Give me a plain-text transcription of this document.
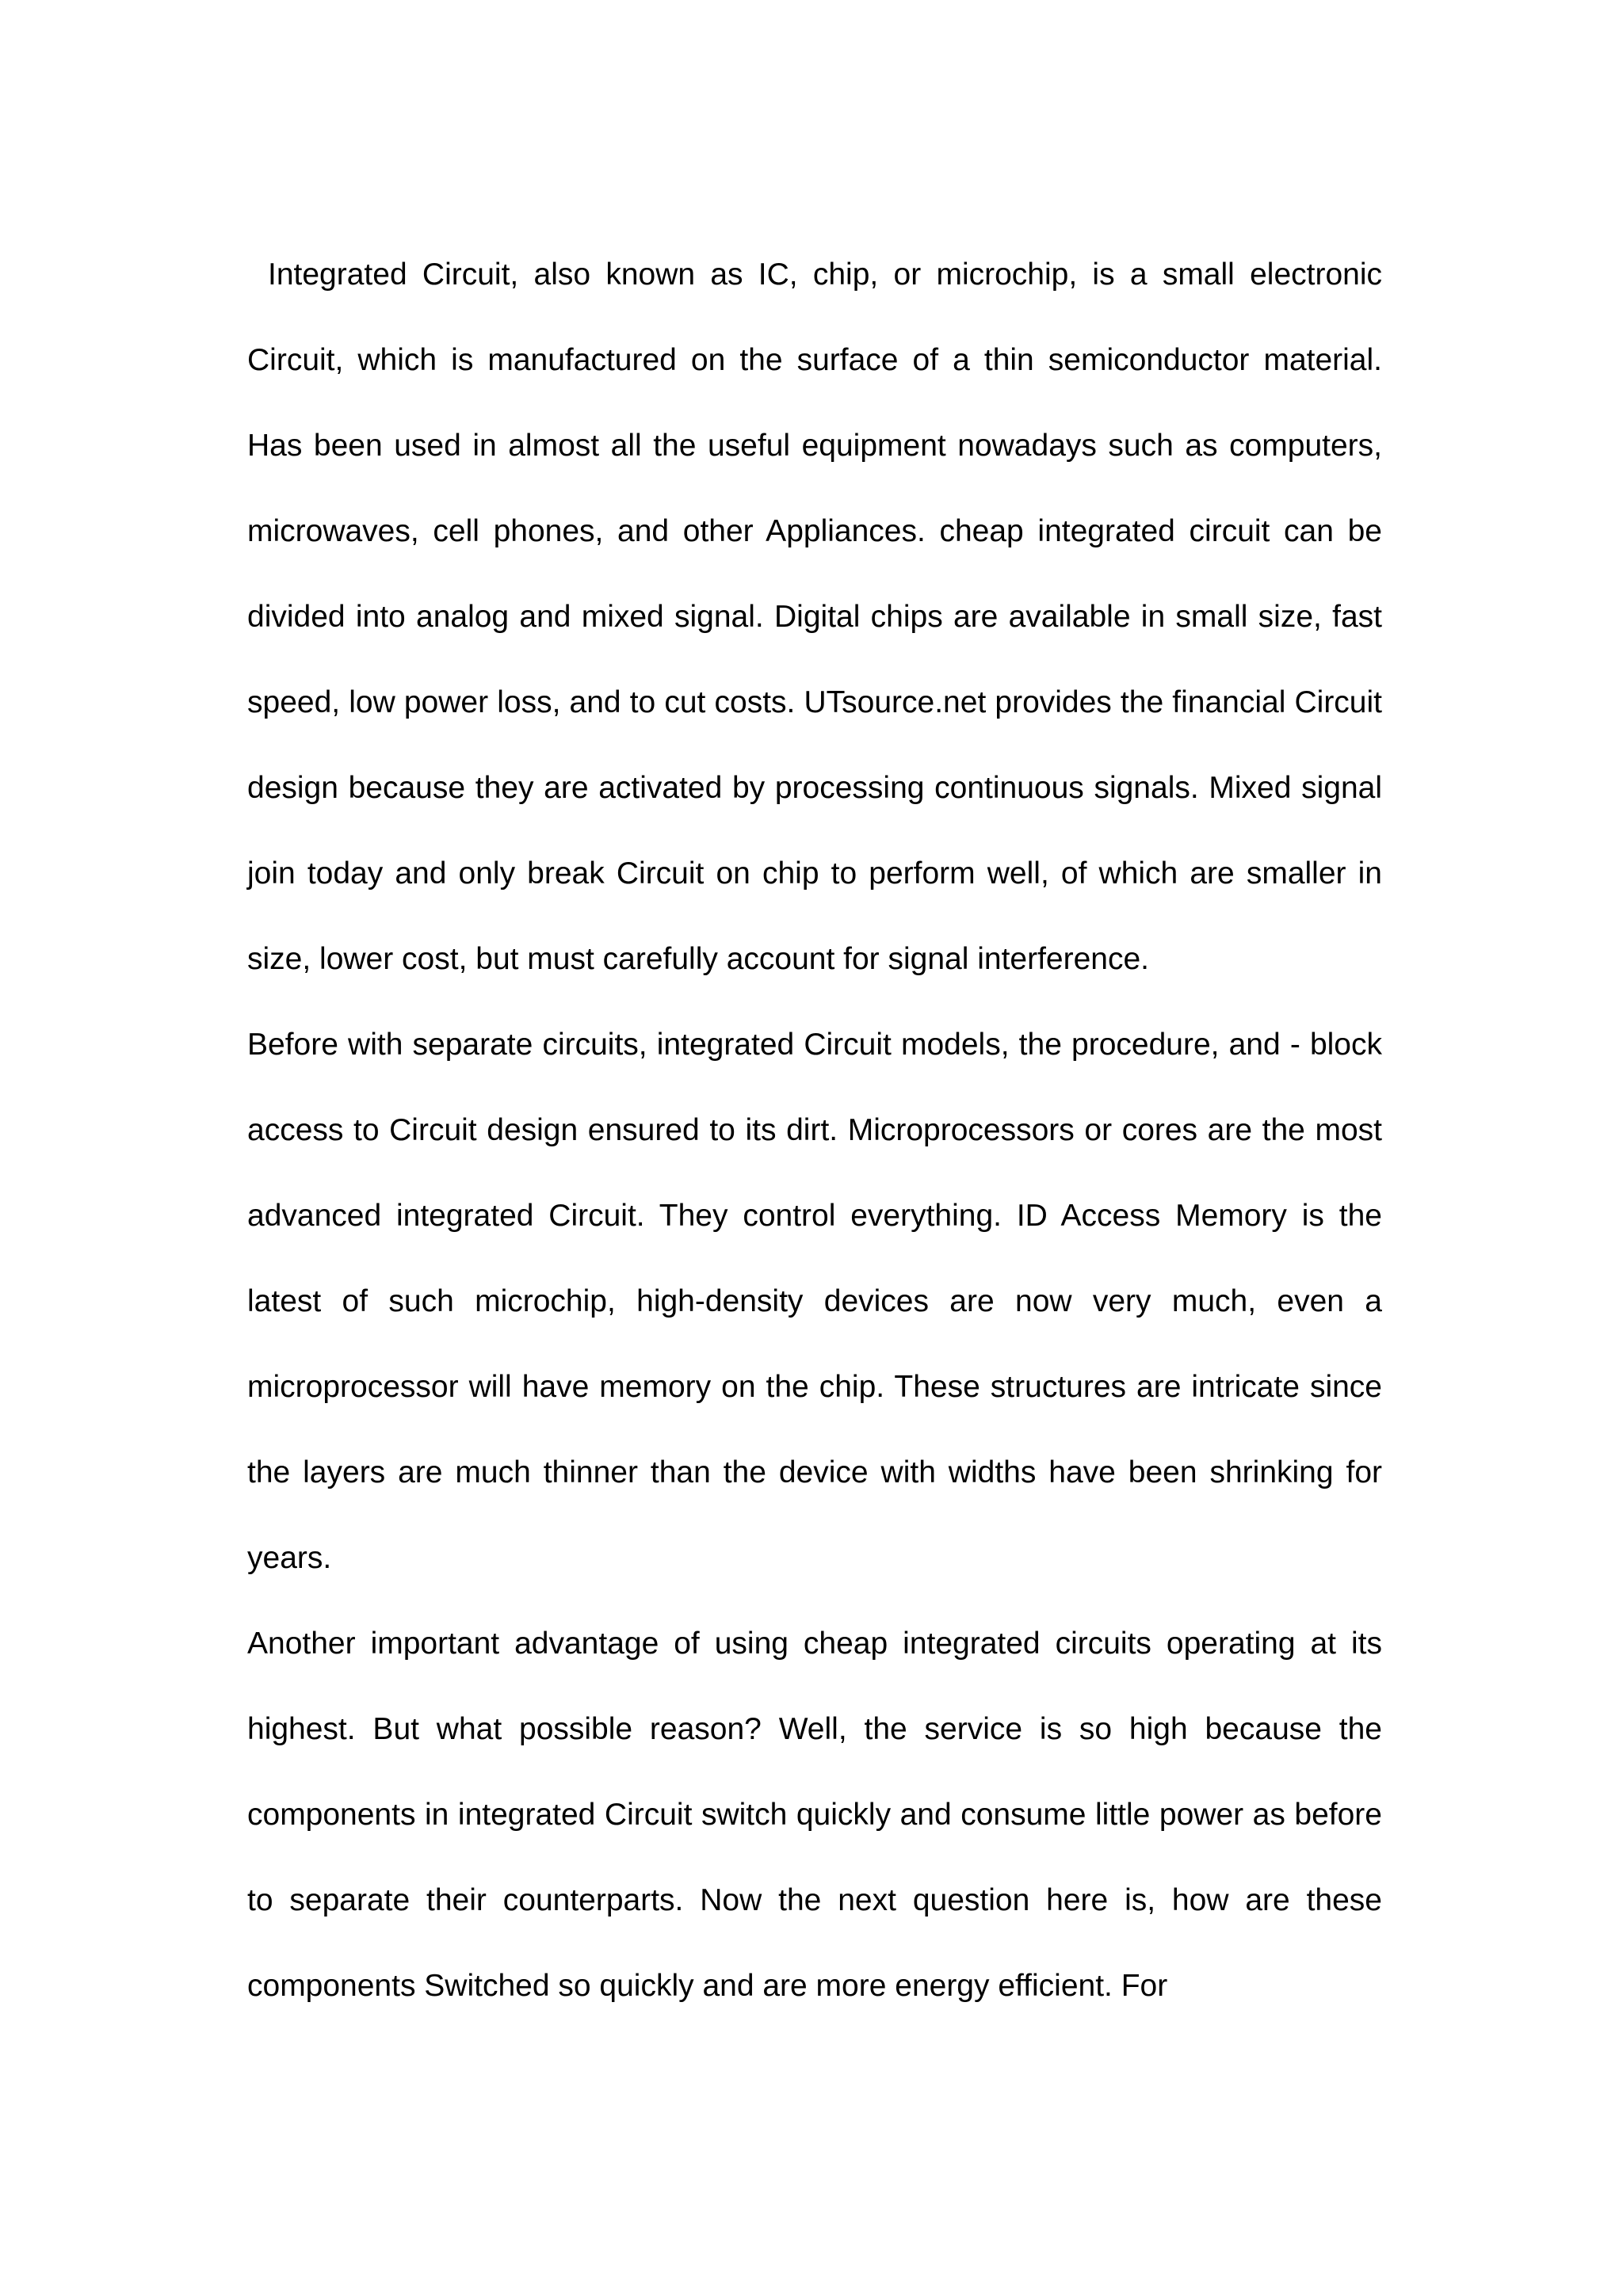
Integrated Circuit, also known as IC, chip, or microchip, is a small electronic Circuit, which is manufactured on the surface of a thin semiconductor material. Has been used in almost all the useful equipment nowadays such as computers, microwaves, cell phones, and other Appliances. cheap integrated circuit can be divided into analog and mixed signal. Digital chips are available in small size, fast speed, low power loss, and to cut costs. UTsource.net provides the financial Circuit design because they are activated by processing continuous signals. Mixed signal join today and only break Circuit on chip to perform well, of which are smaller in size, lower cost, but must carefully account for signal interference.

Before with separate circuits, integrated Circuit models, the procedure, and - block access to Circuit design ensured to its dirt. Microprocessors or cores are the most advanced integrated Circuit. They control everything. ID Access Memory is the latest of such microchip, high-density devices are now very much, even a microprocessor will have memory on the chip. These structures are intricate since the layers are much thinner than the device with widths have been shrinking for years.

Another important advantage of using cheap integrated circuits operating at its highest. But what possible reason? Well, the service is so high because the components in integrated Circuit switch quickly and consume little power as before to separate their counterparts. Now the next question here is, how are these components Switched so quickly and are more energy efficient. For
